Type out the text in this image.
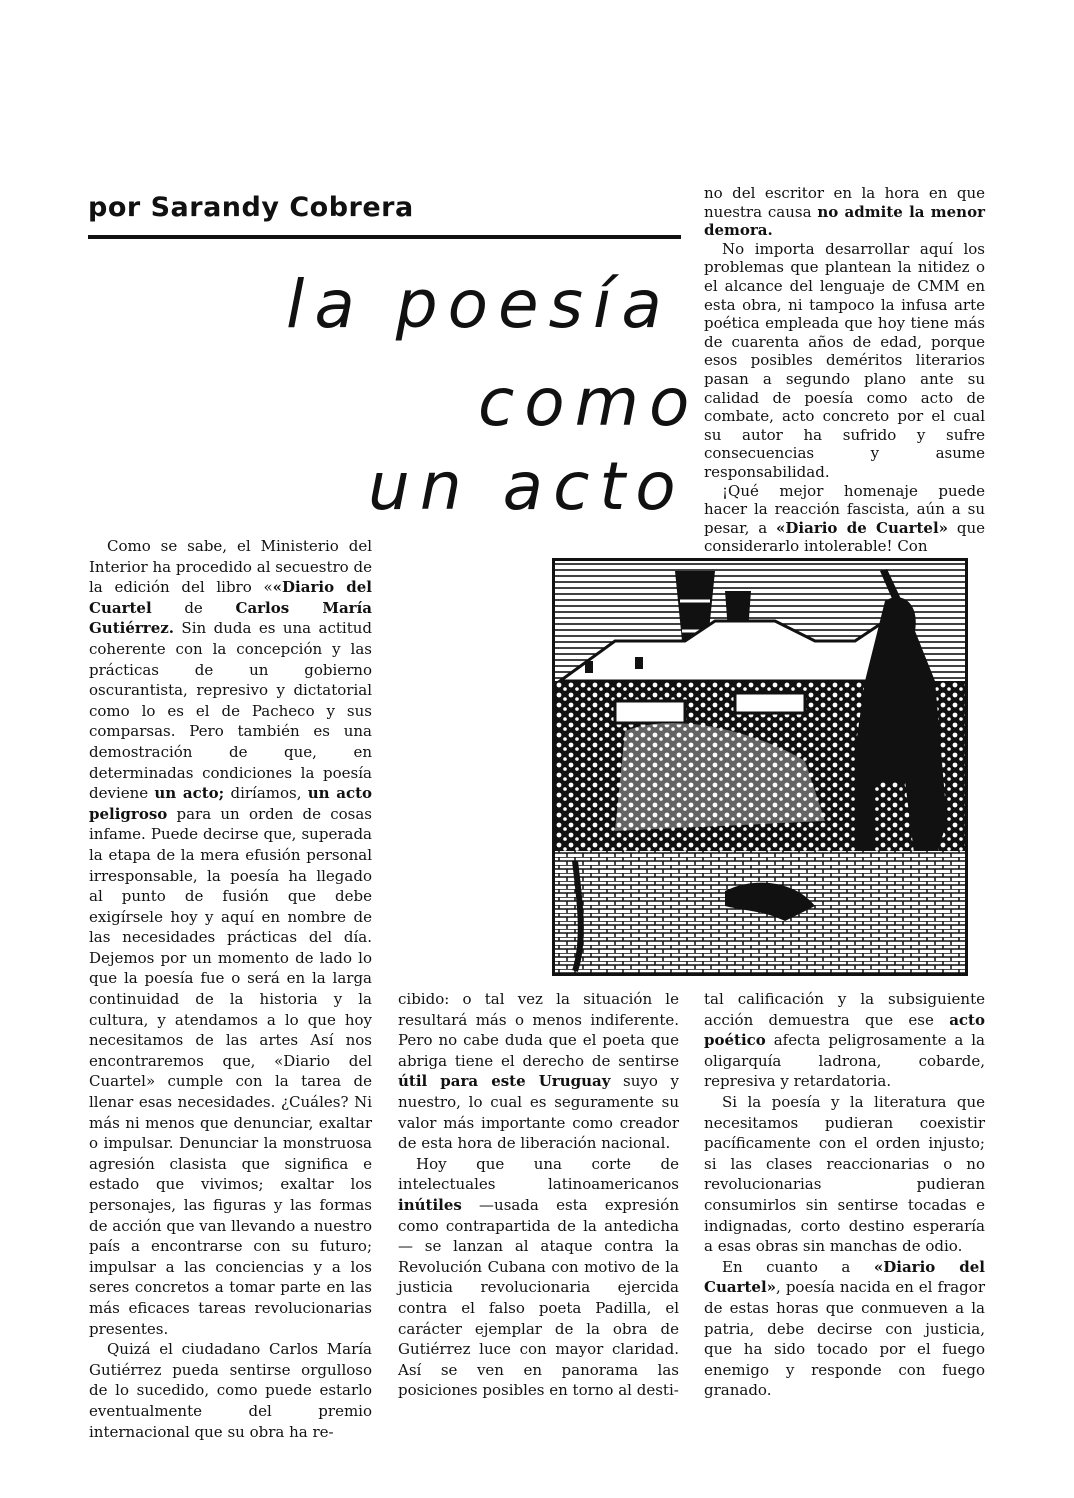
por Sarandy Cobrera
la poesía
como
un acto

no del escritor en la hora en que nuestra causa no admite la menor demora.

No importa desarrollar aquí los problemas que plantean la nitidez o el alcance del lenguaje de CMM en esta obra, ni tampoco la infusa arte poética empleada que hoy tiene más de cuarenta años de edad, porque esos posibles deméritos literarios pasan a segundo plano ante su calidad de poesía como acto de combate, acto concreto por el cual su autor ha sufrido y sufre consecuencias y asume responsabilidad.

¡Qué mejor homenaje puede hacer la reacción fascista, aún a su pesar, a «Diario de Cuartel» que considerarlo intolerable! Con

Como se sabe, el Ministerio del Interior ha procedido al secuestro de la edición del libro ««Diario del Cuartel de Carlos María Gutiérrez. Sin duda es una actitud coherente con la concepción y las prácticas de un gobierno oscurantista, represivo y dictatorial como lo es el de Pacheco y sus comparsas. Pero también es una demostración de que, en determinadas condiciones la poesía deviene un acto; diríamos, un acto peligroso para un orden de cosas infame. Puede decirse que, superada la etapa de la mera efusión personal irresponsable, la poesía ha llegado al punto de fusión que debe exigírsele hoy y aquí en nombre de las necesidades prácticas del día. Dejemos por un momento de lado lo que la poesía fue o será en la larga continuidad de la historia y la cultura, y atendamos a lo que hoy necesitamos de las artes Así nos encontraremos que, «Diario del Cuartel» cumple con la tarea de llenar esas necesidades. ¿Cuáles? Ni más ni menos que denunciar, exaltar o impulsar. Denunciar la monstruosa agresión clasista que significa e estado que vivimos; exaltar los personajes, las figuras y las formas de acción que van llevando a nuestro país a encontrarse con su futuro; impulsar a las conciencias y a los seres concretos a tomar parte en las más eficaces tareas revolucionarias presentes.

Quizá el ciudadano Carlos María Gutiérrez pueda sentirse orgulloso de lo sucedido, como puede estarlo eventualmente del premio internacional que su obra ha re-

cibido: o tal vez la situación le resultará más o menos indiferente. Pero no cabe duda que el poeta que abriga tiene el derecho de sentirse útil para este Uruguay suyo y nuestro, lo cual es seguramente su valor más importante como creador de esta hora de liberación nacional.

Hoy que una corte de intelectuales latinoamericanos inútiles —usada esta expresión como contrapartida de la antedicha— se lanzan al ataque contra la Revolución Cubana con motivo de la justicia revolucionaria ejercida contra el falso poeta Padilla, el carácter ejemplar de la obra de Gutiérrez luce con mayor claridad. Así se ven en panorama las posiciones posibles en torno al desti-

tal calificación y la subsiguiente acción demuestra que ese acto poético afecta peligrosamente a la oligarquía ladrona, cobarde, represiva y retardatoria.

Si la poesía y la literatura que necesitamos pudieran coexistir pacíficamente con el orden injusto; si las clases reaccionarias o no revolucionarias pudieran consumirlos sin sentirse tocadas e indignadas, corto destino esperaría a esas obras sin manchas de odio.

En cuanto a «Diario del Cuartel», poesía nacida en el fragor de estas horas que conmueven a la patria, debe decirse con justicia, que ha sido tocado por el fuego enemigo y responde con fuego granado.
